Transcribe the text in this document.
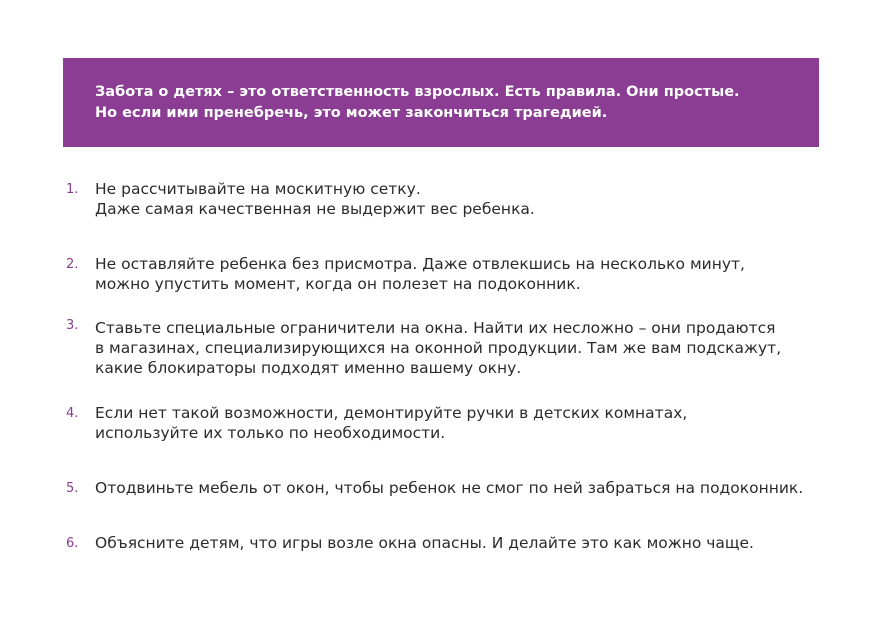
Забота о детях – это ответственность взрослых. Есть правила. Они простые.
Но если ими пренебречь, это может закончиться трагедией.
1. Не рассчитывайте на москитную сетку.
Даже самая качественная не выдержит вес ребенка.
2. Не оставляйте ребенка без присмотра. Даже отвлекшись на несколько минут,
можно упустить момент, когда он полезет на подоконник.
3. Ставьте специальные ограничители на окна. Найти их несложно – они продаются
в магазинах, специализирующихся на оконной продукции. Там же вам подскажут,
какие блокираторы подходят именно вашему окну.
4. Если нет такой возможности, демонтируйте ручки в детских комнатах,
используйте их только по необходимости.
5. Отодвиньте мебель от окон, чтобы ребенок не смог по ней забраться на подоконник.
6. Объясните детям, что игры возле окна опасны. И делайте это как можно чаще.
